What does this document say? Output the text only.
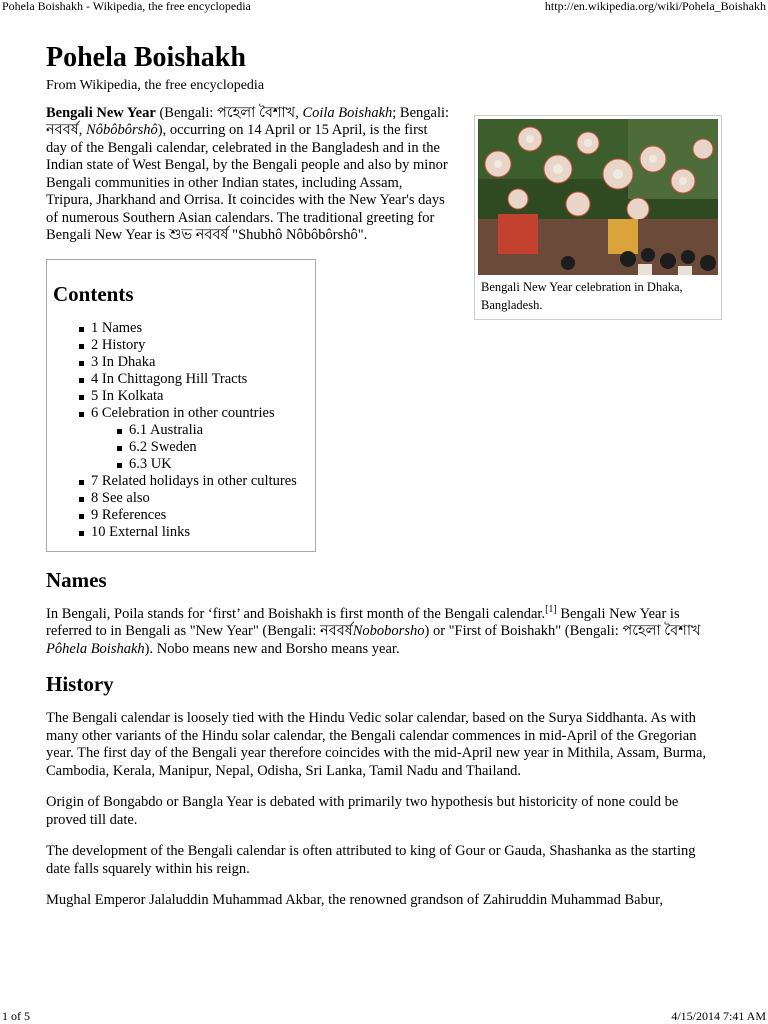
Pohela Boishakh - Wikipedia, the free encyclopedia	http://en.wikipedia.org/wiki/Pohela_Boishakh
Pohela Boishakh
From Wikipedia, the free encyclopedia
Bengali New Year celebration in Dhaka, Bangladesh.

Bengali New Year (Bengali: পহেলা বৈশাখ, Coila Boishakh; Bengali: নববর্ষ, Nôbôbôrshô), occurring on 14 April or 15 April, is the first day of the Bengali calendar, celebrated in the Bangladesh and in the Indian state of West Bengal, by the Bengali people and also by minor Bengali communities in other Indian states, including Assam, Tripura, Jharkhand and Orrisa. It coincides with the New Year's days of numerous Southern Asian calendars. The traditional greeting for Bengali New Year is শুভ নববর্ষ "Shubhô Nôbôbôrshô".

Contents
1 Names
2 History
3 In Dhaka
4 In Chittagong Hill Tracts
5 In Kolkata
6 Celebration in other countries
6.1 Australia
6.2 Sweden
6.3 UK
7 Related holidays in other cultures
8 See also
9 References
10 External links
Names

In Bengali, Poila stands for ‘first’ and Boishakh is first month of the Bengali calendar.[1] Bengali New Year is referred to in Bengali as "New Year" (Bengali: নববর্ষNoboborsho) or "First of Boishakh" (Bengali: পহেলা বৈশাখ Pôhela Boishakh). Nobo means new and Borsho means year.

History

The Bengali calendar is loosely tied with the Hindu Vedic solar calendar, based on the Surya Siddhanta. As with many other variants of the Hindu solar calendar, the Bengali calendar commences in mid-April of the Gregorian year. The first day of the Bengali year therefore coincides with the mid-April new year in Mithila, Assam, Burma, Cambodia, Kerala, Manipur, Nepal, Odisha, Sri Lanka, Tamil Nadu and Thailand.

Origin of Bongabdo or Bangla Year is debated with primarily two hypothesis but historicity of none could be proved till date.

The development of the Bengali calendar is often attributed to king of Gour or Gauda, Shashanka as the starting date falls squarely within his reign.

Mughal Emperor Jalaluddin Muhammad Akbar, the renowned grandson of Zahiruddin Muhammad Babur,

1 of 5	4/15/2014 7:41 AM
